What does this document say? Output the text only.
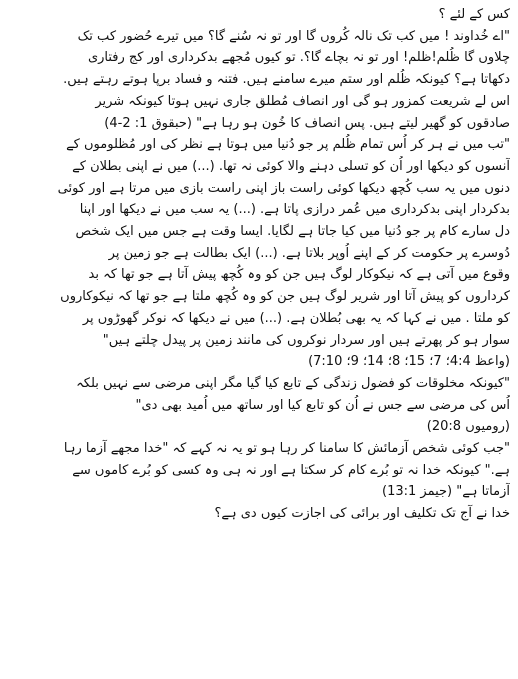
کس کے لئے ؟
"اے خُداوند ! میں کب تک نالہ کُروں گا اور تو نہ سُنے گا؟ میں تیرے حُضور کب تک
چلاوں گا ظُلم!ظلم! اور تو نہ بچاے گا؟. تو کیوں مُجھے بدکرداری اور کج رفتاری
دکھاتا ہے؟ کیونکہ ظُلم اور ستم میرے سامنے ہیں. فتنہ و فساد برپا ہوتے رہتے ہیں.
اس لے شریعت کمزور ہو گی اور انصاف مُطلق جاری نہیں ہوتا کیونکہ شریر
صادقوں کو گھیر لیتے ہیں. پس انصاف کا خُون ہو رہا ہے" (حبقوق 1: 2-4)
"تب میں نے ہر کر اُس تمام ظُلم پر جو دُنیا میں ہوتا ہے نظر کی اور مُظلوموں کے
آنسوں کو دیکھا اور اُن کو تسلی دہنے والا کوئی نہ تھا. (...) میں نے اپنی بطلان کے
دنوں میں یہ سب کُچھ دیکھا کوئی راست باز اپنی راست بازی میں مرتا ہے اور کوئی
بدکردار اپنی بدکرداری میں عُمر درازی پاتا ہے. (...) یہ سب میں نے دیکھا اور اپنا
دل سارے کام پر جو دُنیا میں کیا جاتا ہے لگایا. ایسا وقت ہے جس میں ایک شخص
دُوسرے پر حکومت کر کے اپنے اُوپر بلاتا ہے. (...) ایک بطالت ہے جو زمین پر
وقوع میں آتی ہے کہ نیکوکار لوگ ہیں جن کو وہ کُچھ پیش آتا ہے جو تھا کہ بد
کرداروں کو پیش آتا اور شریر لوگ ہیں جن کو وہ کُچھ ملتا ہے جو تھا کہ نیکوکاروں
کو ملتا . میں نے کہا کہ یہ بھی بُطلان ہے. (...) میں نے دیکھا کہ نوکر گھوڑوں پر
سوار ہو کر پھرتے ہیں اور سردار نوکروں کی مانند زمین پر پیدل چلتے ہیں"
(واعظ 4:4؛ 7؛ 15؛ 8؛ 14؛ 9؛ 7:10)
"کیونکہ مخلوقات کو فضول زندگی کے تابع کیا گیا مگر اپنی مرضی سے نہیں بلکہ
اُس کی مرضی سے جس نے اُن کو تابع کیا اور ساتھ میں اُمید بھی دی"
(رومیوں 20:8)
"جب کوئی شخص آزمائش کا سامنا کر رہا ہو تو یہ نہ کہے کہ "خدا مجھے آزما رہا
ہے." کیونکہ خدا نہ تو بُرے کام کر سکتا ہے اور نہ ہی وہ کسی کو بُرے کاموں سے
آزماتا ہے" (جیمز 13:1)
خدا نے آج تک تکلیف اور برائی کی اجازت کیوں دی ہے؟
